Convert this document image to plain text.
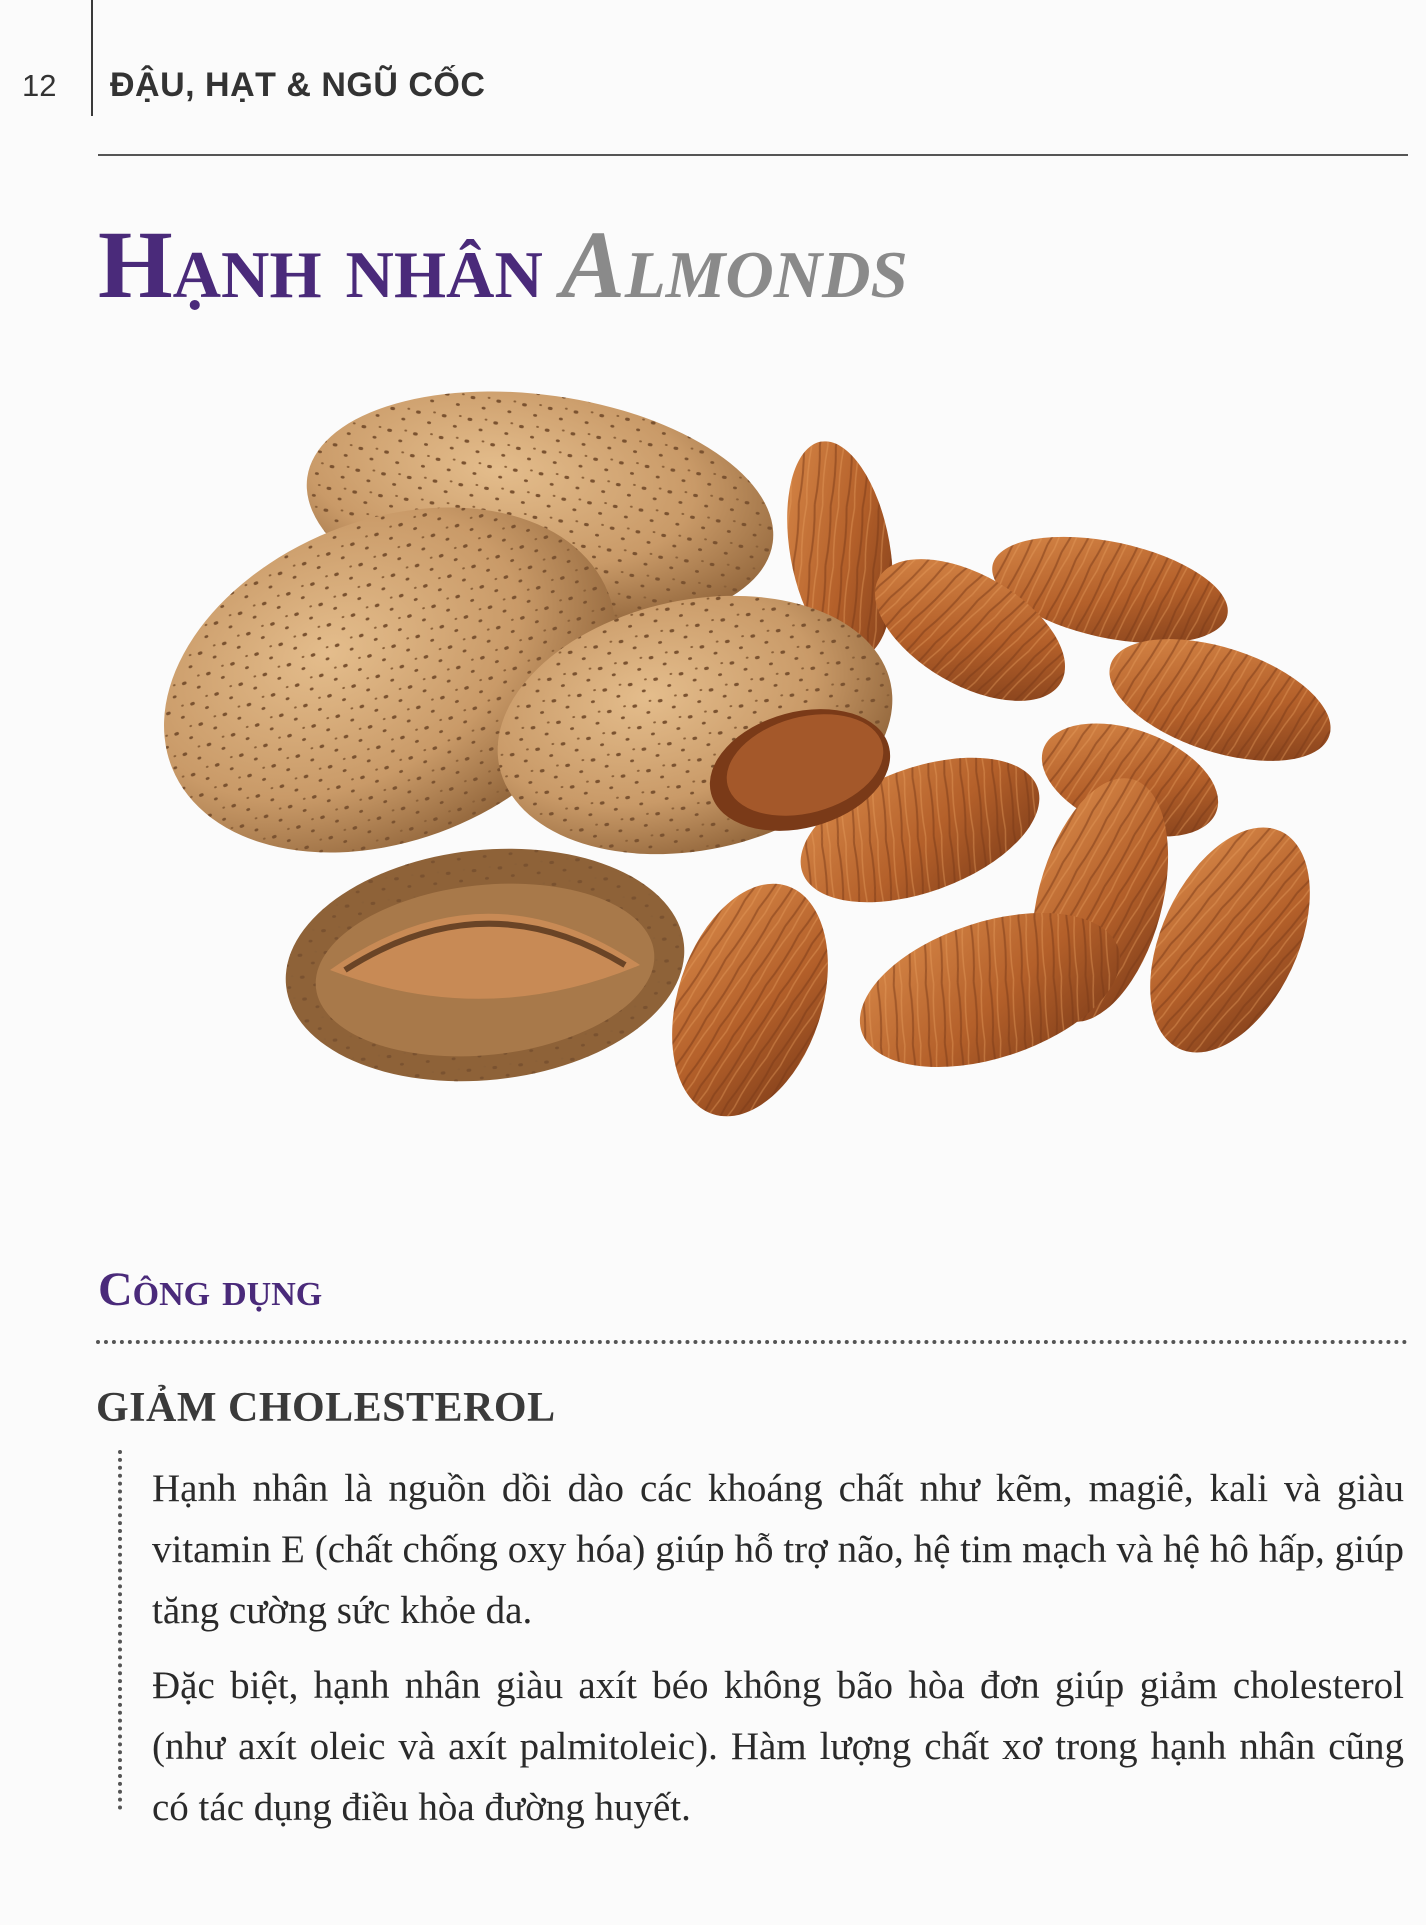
12 ĐẬU, HẠT & NGŨ CỐC
Hạnh nhân Almonds
Công dụng
GIẢM CHOLESTEROL

Hạnh nhân là nguồn dồi dào các khoáng chất như kẽm, magiê, kali và giàu vitamin E (chất chống oxy hóa) giúp hỗ trợ não, hệ tim mạch và hệ hô hấp, giúp tăng cường sức khỏe da.

Đặc biệt, hạnh nhân giàu axít béo không bão hòa đơn giúp giảm cholesterol (như axít oleic và axít palmitoleic). Hàm lượng chất xơ trong hạnh nhân cũng có tác dụng điều hòa đường huyết.
